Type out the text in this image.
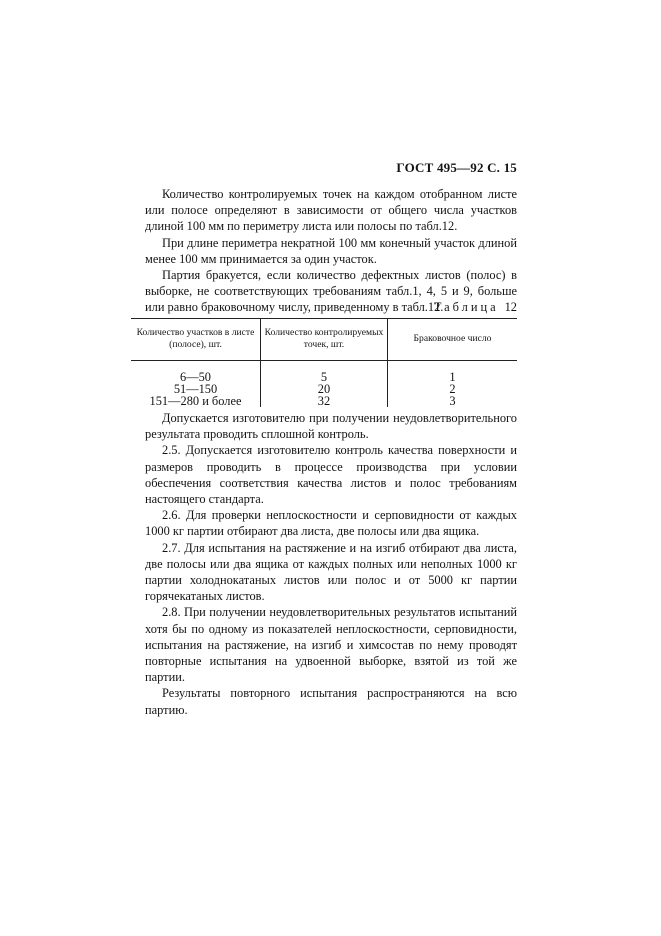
ГОСТ 495—92 С. 15

Количество контролируемых точек на каждом отобранном листе или полосе определяют в зависимости от общего числа участков длиной 100 мм по периметру листа или полосы по табл.12.

При длине периметра некратной 100 мм конечный участок длиной менее 100 мм принимается за один участок.

Партия бракуется, если количество дефектных листов (полос) в выборке, не соответствующих требованиям табл.1, 4, 5 и 9, больше или равно браковочному числу, приведенному в табл.12.

Таблица 12
Количество участков в листе (полосе), шт.	Количество контролируемых точек, шт.	Браковочное число
6—50	5	1
51—150	20	2
151—280 и более	32	3

Допускается изготовителю при получении неудовлетворительного результата проводить сплошной контроль.

2.5. Допускается изготовителю контроль качества поверхности и размеров проводить в процессе производства при условии обеспечения соответствия качества листов и полос требованиям настоящего стандарта.

2.6. Для проверки неплоскостности и серповидности от каждых 1000 кг партии отбирают два листа, две полосы или два ящика.

2.7. Для испытания на растяжение и на изгиб отбирают два листа, две полосы или два ящика от каждых полных или неполных 1000 кг партии холоднокатаных листов или полос и от 5000 кг партии горячекатаных листов.

2.8. При получении неудовлетворительных результатов испытаний хотя бы по одному из показателей неплоскостности, серповидности, испытания на растяжение, на изгиб и химсостав по нему проводят повторные испытания на удвоенной выборке, взятой из той же партии.

Результаты повторного испытания распространяются на всю партию.
